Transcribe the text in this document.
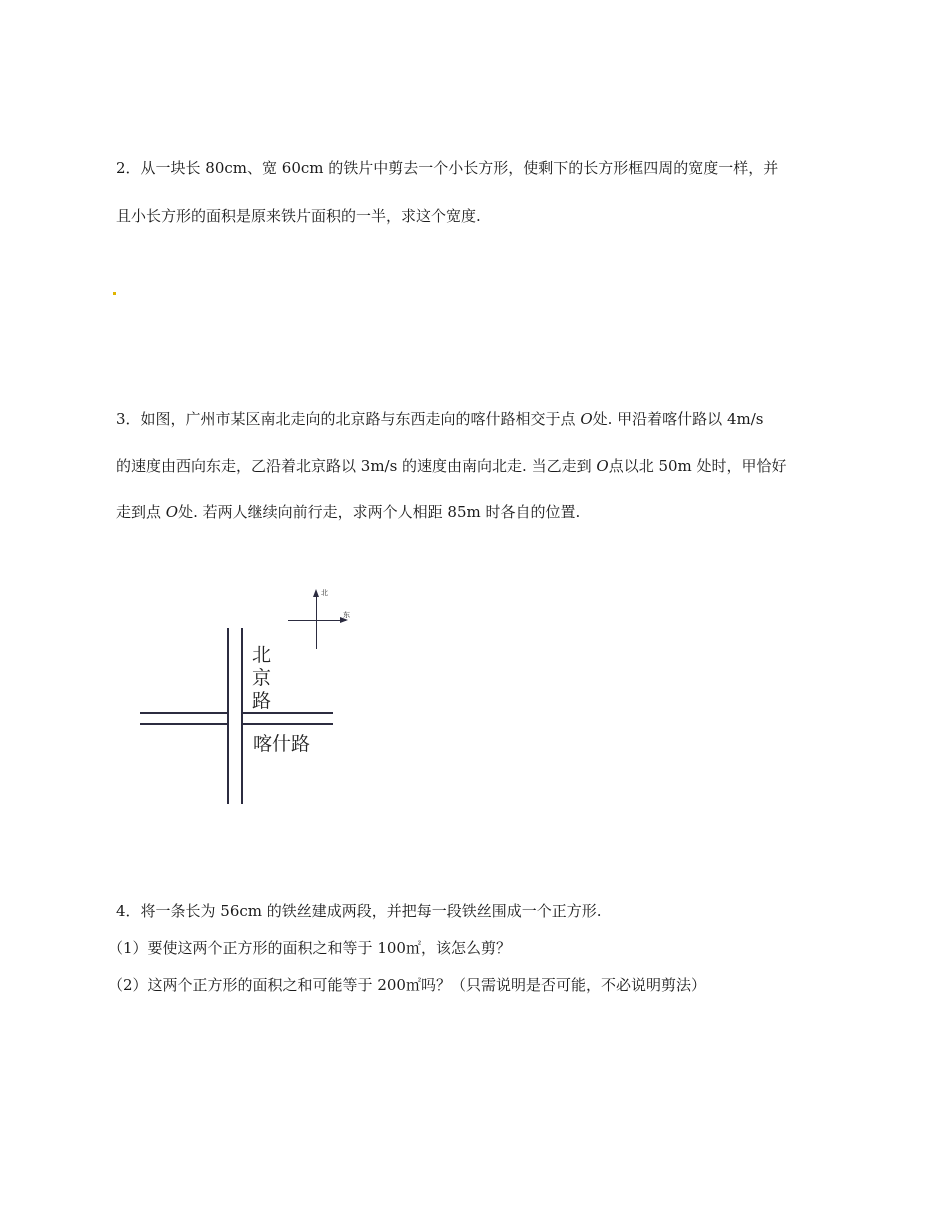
2．从一块长 80cm、宽 60cm 的铁片中剪去一个小长方形，使剩下的长方形框四周的宽度一样，并
且小长方形的面积是原来铁片面积的一半，求这个宽度.
3．如图，广州市某区南北走向的北京路与东西走向的喀什路相交于点 O处. 甲沿着喀什路以 4m/s
的速度由西向东走，乙沿着北京路以 3m/s 的速度由南向北走. 当乙走到 O点以北 50m 处时，甲恰好
走到点 O处. 若两人继续向前行走，求两个人相距 85m 时各自的位置.
北
东
北
京
路
喀什路
4．将一条长为 56cm 的铁丝建成两段，并把每一段铁丝围成一个正方形.
（1）要使这两个正方形的面积之和等于 100㎡，该怎么剪？
（2）这两个正方形的面积之和可能等于 200㎡吗？（只需说明是否可能，不必说明剪法）
